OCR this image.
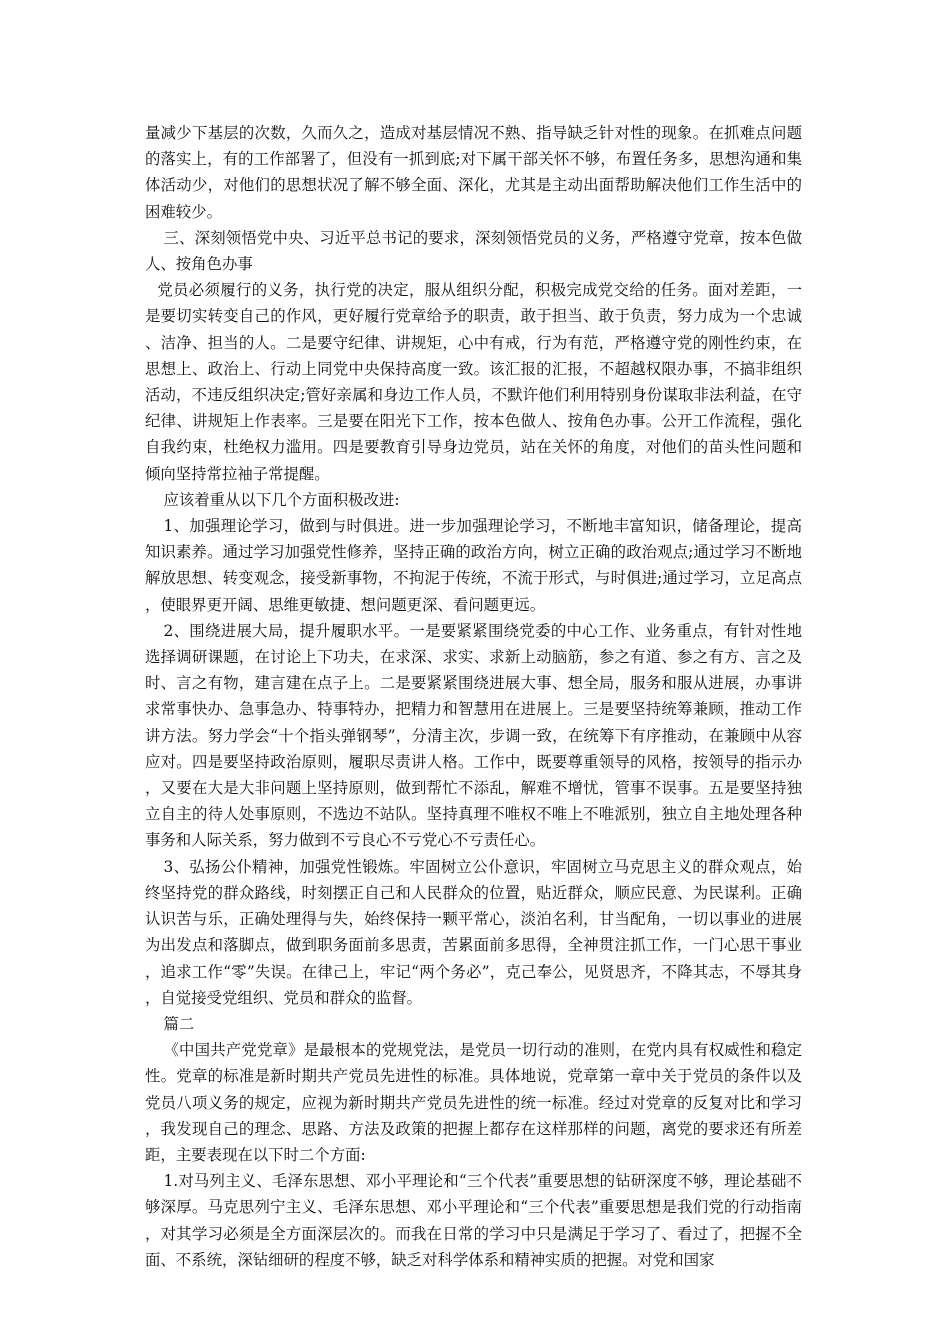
量减少下基层的次数，久而久之，造成对基层情况不熟、指导缺乏针对性的现象。在抓难点问题的落实上，有的工作部署了，但没有一抓到底;对下属干部关怀不够，布置任务多，思想沟通和集体活动少，对他们的思想状况了解不够全面、深化，尤其是主动出面帮助解决他们工作生活中的困难较少。

三、深刻领悟党中央、习近平总书记的要求，深刻领悟党员的义务，严格遵守党章，按本色做人、按角色办事

党员必须履行的义务，执行党的决定，服从组织分配，积极完成党交给的任务。面对差距，一是要切实转变自己的作风，更好履行党章给予的职责，敢于担当、敢于负责，努力成为一个忠诚、洁净、担当的人。二是要守纪律、讲规矩，心中有戒，行为有范，严格遵守党的刚性约束，在思想上、政治上、行动上同党中央保持高度一致。该汇报的汇报，不超越权限办事，不搞非组织活动，不违反组织决定;管好亲属和身边工作人员，不默许他们利用特别身份谋取非法利益，在守纪律、讲规矩上作表率。三是要在阳光下工作，按本色做人、按角色办事。公开工作流程，强化自我约束，杜绝权力滥用。四是要教育引导身边党员，站在关怀的角度，对他们的苗头性问题和倾向坚持常拉袖子常提醒。

应该着重从以下几个方面积极改进:

1、加强理论学习，做到与时俱进。进一步加强理论学习，不断地丰富知识，储备理论，提高知识素养。通过学习加强党性修养，坚持正确的政治方向，树立正确的政治观点;通过学习不断地解放思想、转变观念，接受新事物，不拘泥于传统，不流于形式，与时俱进;通过学习，立足高点，使眼界更开阔、思维更敏捷、想问题更深、看问题更远。

2、围绕进展大局，提升履职水平。一是要紧紧围绕党委的中心工作、业务重点，有针对性地选择调研课题，在讨论上下功夫，在求深、求实、求新上动脑筋，参之有道、参之有方、言之及时、言之有物，建言建在点子上。二是要紧紧围绕进展大事、想全局，服务和服从进展，办事讲求常事快办、急事急办、特事特办，把精力和智慧用在进展上。三是要坚持统筹兼顾，推动工作讲方法。努力学会“十个指头弹钢琴”，分清主次，步调一致，在统筹下有序推动，在兼顾中从容应对。四是要坚持政治原则，履职尽责讲人格。工作中，既要尊重领导的风格，按领导的指示办，又要在大是大非问题上坚持原则，做到帮忙不添乱，解难不增忧，管事不误事。五是要坚持独立自主的待人处事原则，不选边不站队。坚持真理不唯权不唯上不唯派别，独立自主地处理各种事务和人际关系，努力做到不亏良心不亏党心不亏责任心。

3、弘扬公仆精神，加强党性锻炼。牢固树立公仆意识，牢固树立马克思主义的群众观点，始终坚持党的群众路线，时刻摆正自己和人民群众的位置，贴近群众，顺应民意、为民谋利。正确认识苦与乐，正确处理得与失，始终保持一颗平常心，淡泊名利，甘当配角，一切以事业的进展为出发点和落脚点，做到职务面前多思责，苦累面前多思得，全神贯注抓工作，一门心思干事业，追求工作“零”失误。在律己上，牢记“两个务必”，克己奉公，见贤思齐，不降其志，不辱其身，自觉接受党组织、党员和群众的监督。

篇二

《中国共产党党章》是最根本的党规党法，是党员一切行动的准则，在党内具有权威性和稳定性。党章的标准是新时期共产党员先进性的标准。具体地说，党章第一章中关于党员的条件以及党员八项义务的规定，应视为新时期共产党员先进性的统一标准。经过对党章的反复对比和学习，我发现自己的理念、思路、方法及政策的把握上都存在这样那样的问题，离党的要求还有所差距，主要表现在以下时二个方面:

1.对马列主义、毛泽东思想、邓小平理论和“三个代表”重要思想的钻研深度不够，理论基础不够深厚。马克思列宁主义、毛泽东思想、邓小平理论和“三个代表”重要思想是我们党的行动指南，对其学习必须是全方面深层次的。而我在日常的学习中只是满足于学习了、看过了，把握不全面、不系统，深钻细研的程度不够，缺乏对科学体系和精神实质的把握。对党和国家
